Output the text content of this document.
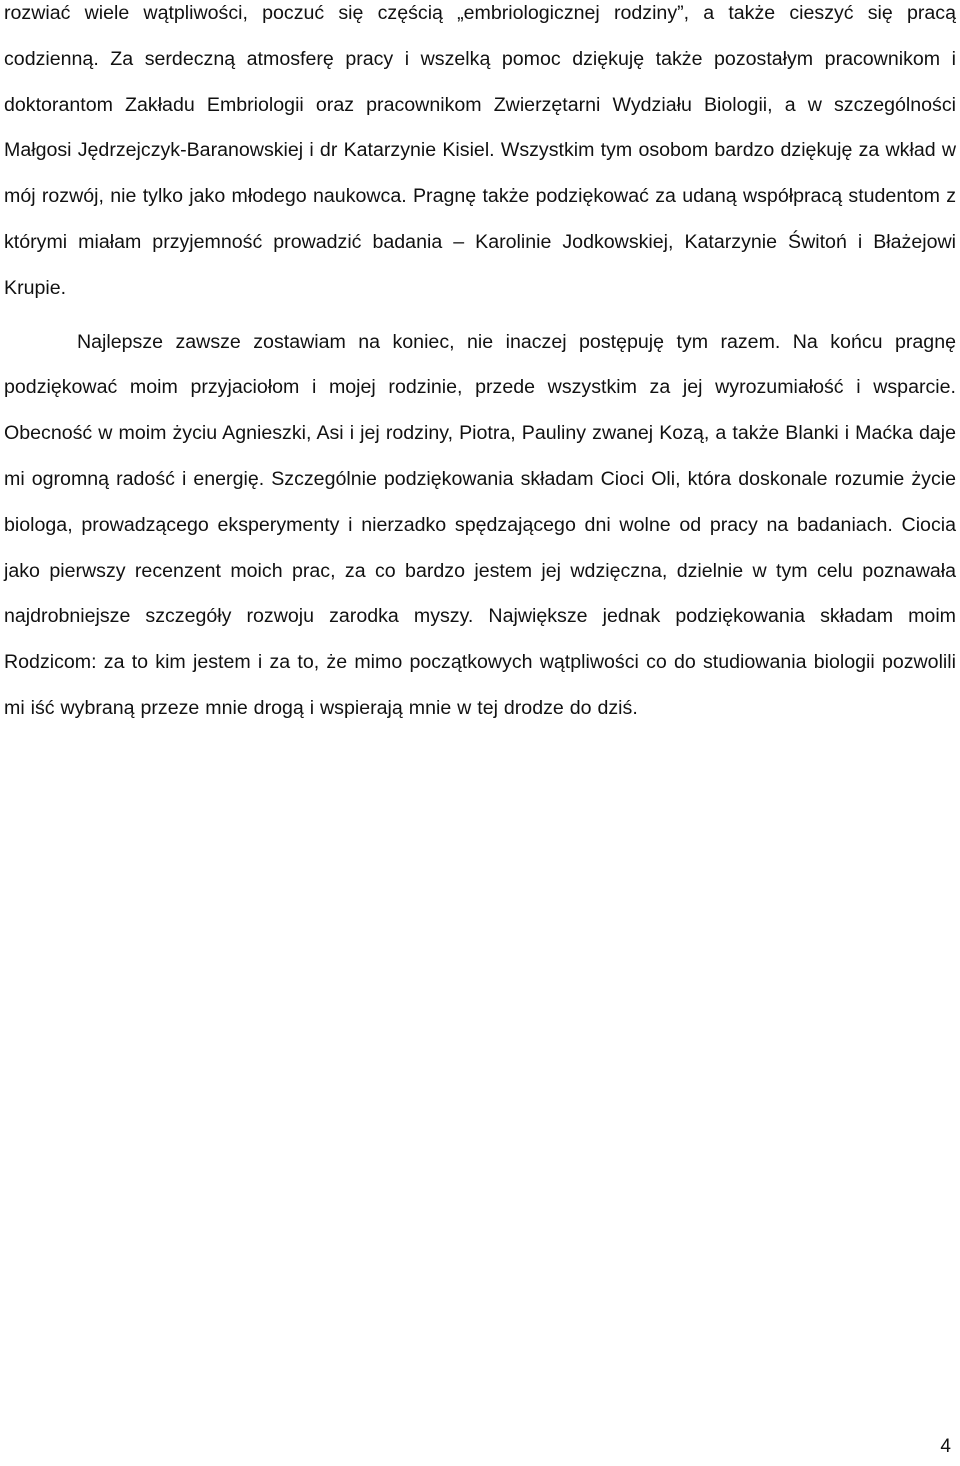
rozwiać wiele wątpliwości, poczuć się częścią „embriologicznej rodziny”, a także cieszyć się pracą codzienną. Za serdeczną atmosferę pracy i wszelką pomoc dziękuję także pozostałym pracownikom i doktorantom Zakładu Embriologii oraz pracownikom Zwierzętarni Wydziału Biologii, a w szczególności Małgosi Jędrzejczyk-Baranowskiej i dr Katarzynie Kisiel. Wszystkim tym osobom bardzo dziękuję za wkład w mój rozwój, nie tylko jako młodego naukowca. Pragnę także podziękować za udaną współpracą studentom z którymi miałam przyjemność prowadzić badania – Karolinie Jodkowskiej, Katarzynie Świtoń i Błażejowi Krupie.

Najlepsze zawsze zostawiam na koniec, nie inaczej postępuję tym razem. Na końcu pragnę podziękować moim przyjaciołom i mojej rodzinie, przede wszystkim za jej wyrozumiałość i wsparcie. Obecność w moim życiu Agnieszki, Asi i jej rodziny, Piotra, Pauliny zwanej Kozą, a także Blanki i Maćka daje mi ogromną radość i energię. Szczególnie podziękowania składam Cioci Oli, która doskonale rozumie życie biologa, prowadzącego eksperymenty i nierzadko spędzającego dni wolne od pracy na badaniach. Ciocia jako pierwszy recenzent moich prac, za co bardzo jestem jej wdzięczna, dzielnie w tym celu poznawała najdrobniejsze szczegóły rozwoju zarodka myszy. Największe jednak podziękowania składam moim Rodzicom: za to kim jestem i za to, że mimo początkowych wątpliwości co do studiowania biologii pozwolili mi iść wybraną przeze mnie drogą i wspierają mnie w tej drodze do dziś.

4
